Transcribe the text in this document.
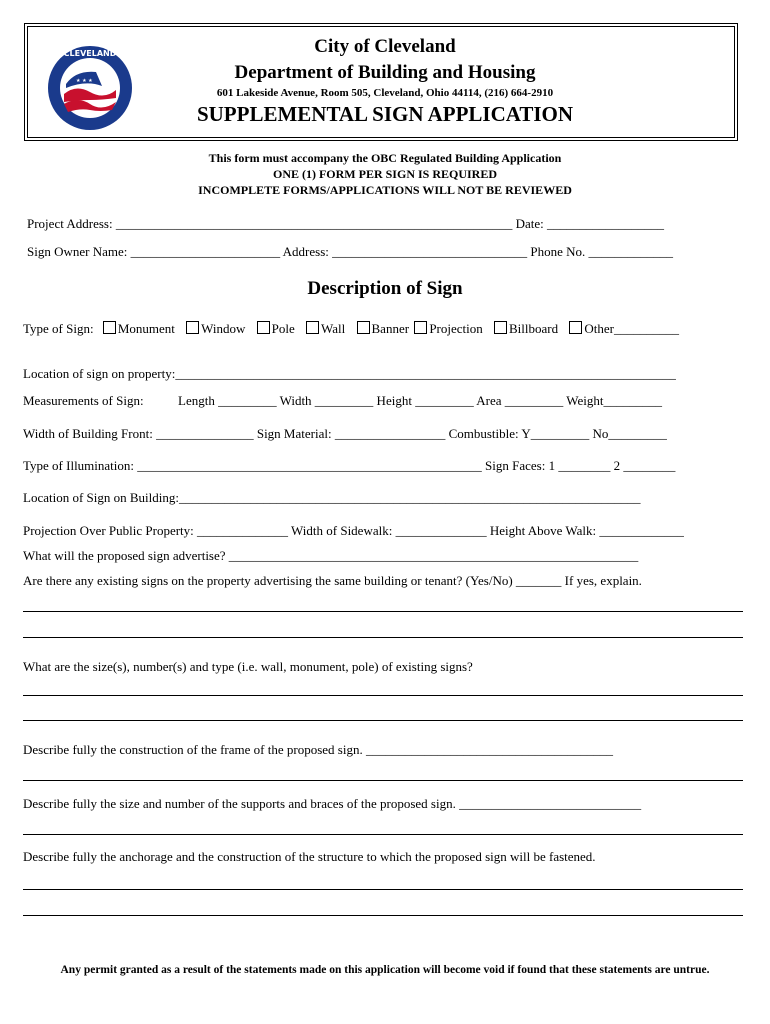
★ ★ ★
CLEVELAND	City of Cleveland
Department of Building and Housing
601 Lakeside Avenue, Room 505, Cleveland, Ohio 44114, (216) 664-2910
SUPPLEMENTAL SIGN APPLICATION
This form must accompany the OBC Regulated Building Application
ONE (1) FORM PER SIGN IS REQUIRED
INCOMPLETE FORMS/APPLICATIONS WILL NOT BE REVIEWED
Project Address: _____________________________________________________________ Date: __________________
Sign Owner Name: _______________________ Address: ______________________________ Phone No. _____________
Description of Sign
Type of Sign: Monument Window Pole Wall Banner Projection Billboard Other__________
Location of sign on property:_____________________________________________________________________________
Measurements of Sign:	Length _________ Width _________ Height _________ Area _________ Weight_________
Width of Building Front: _______________ Sign Material: _________________ Combustible: Y_________ No_________
Type of Illumination: _____________________________________________________ Sign Faces: 1 ________ 2 ________
Location of Sign on Building:_______________________________________________________________________
Projection Over Public Property: ______________ Width of Sidewalk: ______________ Height Above Walk: _____________
What will the proposed sign advertise? _______________________________________________________________
Are there any existing signs on the property advertising the same building or tenant? (Yes/No) _______ If yes, explain.
What are the size(s), number(s) and type (i.e. wall, monument, pole) of existing signs?
Describe fully the construction of the frame of the proposed sign. ______________________________________
Describe fully the size and number of the supports and braces of the proposed sign. ____________________________
Describe fully the anchorage and the construction of the structure to which the proposed sign will be fastened.
Any permit granted as a result of the statements made on this application will become void if found that these statements are untrue.
